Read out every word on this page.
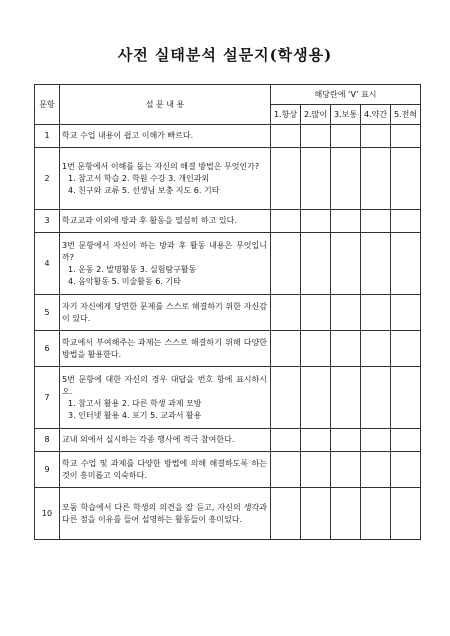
사전 실태분석 설문지(학생용)
문항	설 문 내 용	해당란에 ‘V’ 표시				
		1.항상	2.많이	3.보통	4.약간	5.전혀
1	학교 수업 내용이 쉽고 이해가 빠르다.					
2	1번 문항에서 이해를 돕는 자신의 해결 방법은 무엇인가?
1. 참고서 학습 2. 학원 수강 3. 개인과외
4. 친구와 교류 5. 선생님 보충 지도 6. 기타					

3	학교교과 이외에 방과 후 활동을 열심히 하고 있다.					
4	3번 문항에서 자신이 하는 방과 후 활동 내용은 무엇입니까?
1. 운동 2. 발명활동 3. 실험탐구활동
4. 음악활동 5. 미술활동 6. 기타					

5	자기 자신에게 당면한 문제를 스스로 해결하기 위한 자신감이 있다.					
6	학교에서 부여해주는 과제는 스스로 해결하기 위해 다양한 방법을 활용한다.					
7	5번 문항에 대한 자신의 경우 대답을 번호 항에 표시하시오.
1. 참고서 활용 2. 다른 학생 과제 모방
3. 인터넷 활용 4. 포기 5. 교과서 활용					

8	교내 외에서 실시하는 각종 행사에 적극 참여한다.					
9	학교 수업 및 과제를 다양한 방법에 의해 해결하도록 하는 것이 흥미롭고 익숙하다.					
10	모둠 학습에서 다른 학생의 의견을 잘 듣고, 자신의 생각과 다른 점을 이유를 들어 설명하는 활동들이 흥미있다.					
